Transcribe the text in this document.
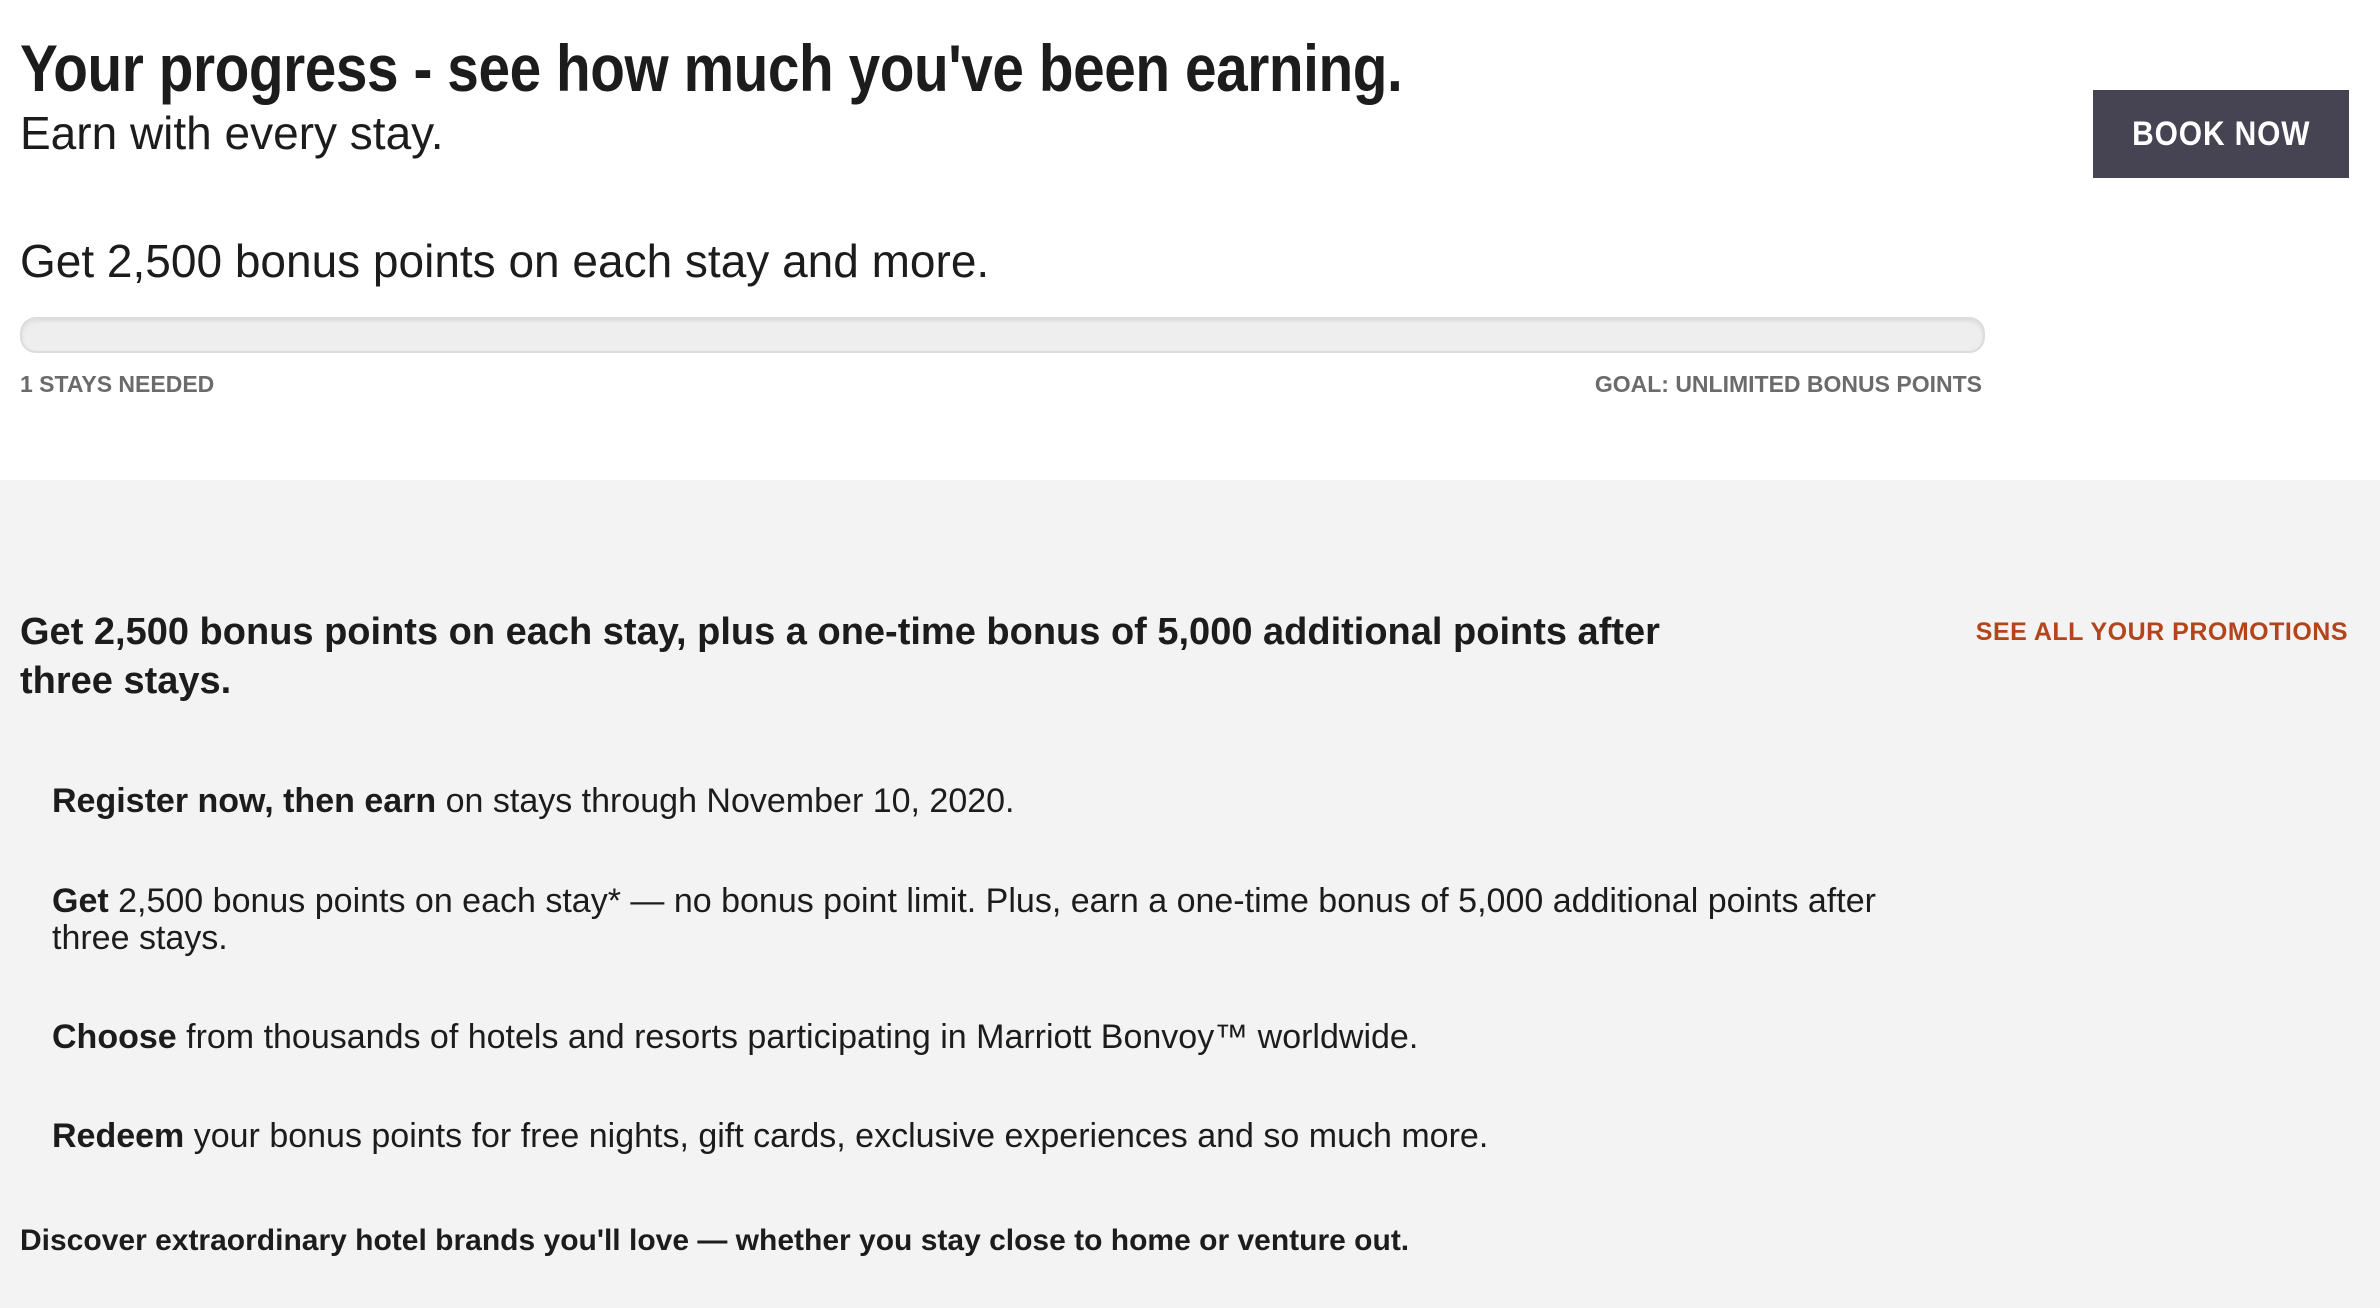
Your progress - see how much you've been earning.
Earn with every stay.	BOOK NOW
Get 2,500 bonus points on each stay and more.
1 STAYS NEEDED	GOAL: UNLIMITED BONUS POINTS
Get 2,500 bonus points on each stay, plus a one-time bonus of 5,000 additional points after three stays.
SEE ALL YOUR PROMOTIONS

Register now, then earn on stays through November 10, 2020.

Get 2,500 bonus points on each stay* — no bonus point limit. Plus, earn a one-time bonus of 5,000 additional points after three stays.

Choose from thousands of hotels and resorts participating in Marriott Bonvoy™ worldwide.

Redeem your bonus points for free nights, gift cards, exclusive experiences and so much more.

Discover extraordinary hotel brands you'll love — whether you stay close to home or venture out.
